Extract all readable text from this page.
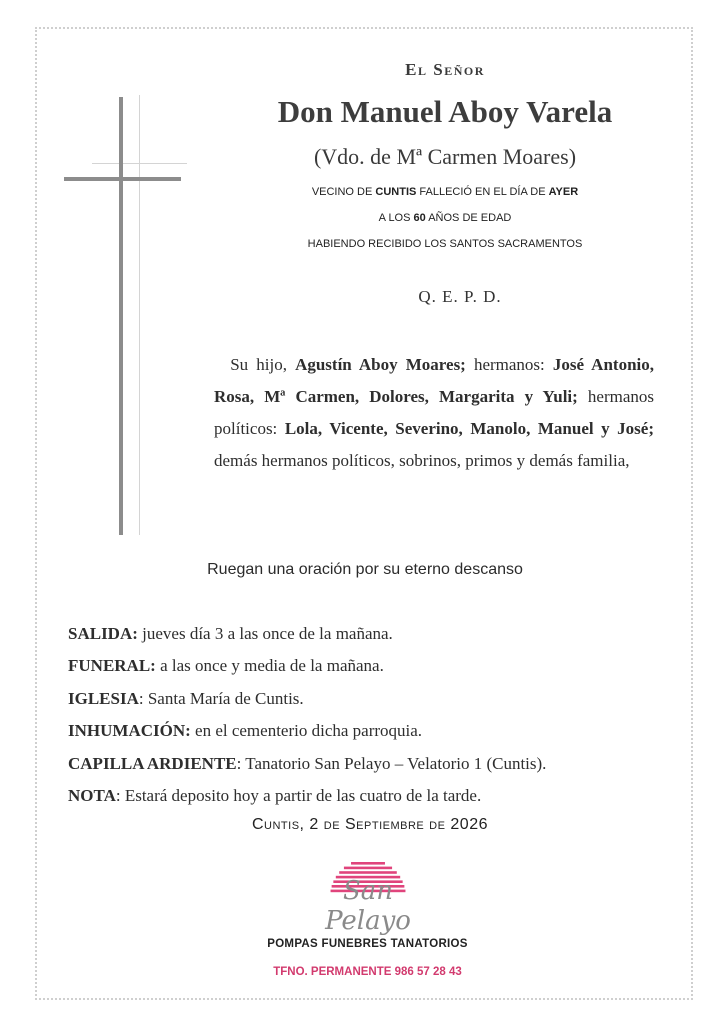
El Señor
Don Manuel Aboy Varela
(Vdo. de Mª Carmen Moares)
VECINO DE CUNTIS FALLECIÓ EN EL DÍA DE AYER
A LOS 60 AÑOS DE EDAD
HABIENDO RECIBIDO LOS SANTOS SACRAMENTOS
Q. E. P. D.
Su hijo, Agustín Aboy Moares; hermanos: José Antonio, Rosa, Mª Carmen, Dolores, Margarita y Yuli; hermanos políticos: Lola, Vicente, Severino, Manolo, Manuel y José; demás hermanos políticos, sobrinos, primos y demás familia,
Ruegan una oración por su eterno descanso
SALIDA: jueves día 3 a las once de la mañana.
FUNERAL: a las once y media de la mañana.
IGLESIA: Santa María de Cuntis.
INHUMACIÓN: en el cementerio dicha parroquia.
CAPILLA ARDIENTE: Tanatorio San Pelayo – Velatorio 1 (Cuntis).
NOTA: Estará deposito hoy a partir de las cuatro de la tarde.
Cuntis, 2 de Septiembre de 2026
San Pelayo
POMPAS FUNEBRES TANATORIOS
TFNO. PERMANENTE 986 57 28 43
